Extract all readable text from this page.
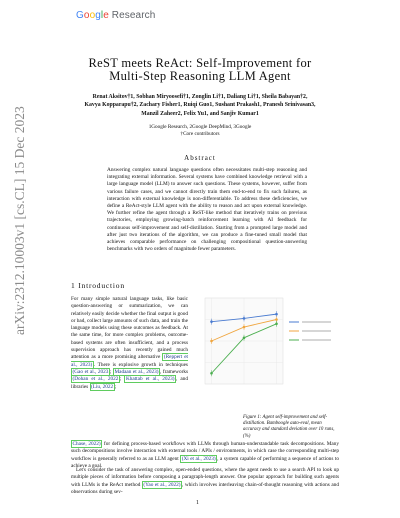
Google Research
arXiv:2312.10003v1 [cs.CL] 15 Dec 2023
ReST meets ReAct: Self-Improvement for
Multi-Step Reasoning LLM Agent
Renat Aksitov†1, Sobhan Miryoosefi†1, Zonglin Li†1, Daliang Li†1, Sheila Babayan†2,
Kavya Kopparapu†2, Zachary Fisher1, Ruiqi Guo1, Sushant Prakash1, Pranesh Srinivasan3,
Manzil Zaheer2, Felix Yu1, and Sanjiv Kumar1
1Google Research, 2Google DeepMind, 3Google
†Core contributors
Abstract
Answering complex natural language questions often necessitates multi-step reasoning and integrating external information. Several systems have combined knowledge retrieval with a large language model (LLM) to answer such questions. These systems, however, suffer from various failure cases, and we cannot directly train them end-to-end to fix such failures, as interaction with external knowledge is non-differentiable. To address these deficiencies, we define a ReAct-style LLM agent with the ability to reason and act upon external knowledge. We further refine the agent through a ReST-like method that iteratively trains on previous trajectories, employing growing-batch reinforcement learning with AI feedback for continuous self-improvement and self-distillation. Starting from a prompted large model and after just two iterations of the algorithm, we can produce a fine-tuned small model that achieves comparable performance on challenging compositional question-answering benchmarks with two orders of magnitude fewer parameters.
1 Introduction
For many simple natural language tasks, like basic question-answering or summarization, we can relatively easily decide whether the final output is good or bad, collect large amounts of such data, and train the language models using these outcomes as feedback. At the same time, for more complex problems, outcome-based systems are often insufficient, and a process supervision approach has recently gained much attention as a more promising alternative (Reppert et al., 2023) . There is explosive growth in techniques (Gao et al., 2023 ; Madaan et al., 2023) , frameworks (Dohan et al., 2022 ; Khattab et al., 2023) , and libraries (Liu, 2022 ;
Chase, 2022) for defining process-based workflows with LLMs through human-understandable task decompositions. Many such decompositions involve interaction with external tools / APIs / environments, in which case the corresponding multi-step workflow is generally referred to as an LLM agent (Xi et al., 2023) , a system capable of performing a sequence of actions to achieve a goal.
Let's consider the task of answering complex, open-ended questions, where the agent needs to use a search API to look up multiple pieces of information before composing a paragraph-length answer. One popular approach for building such agents with LLMs is the ReAct method (Yao et al., 2022) , which involves interleaving chain-of-thought reasoning with actions and observations during sev-
Figure 1: Agent self-improvement and self-distillation. Bamboogle auto-eval, mean accuracy and standard deviation over 10 runs, (%)
1
